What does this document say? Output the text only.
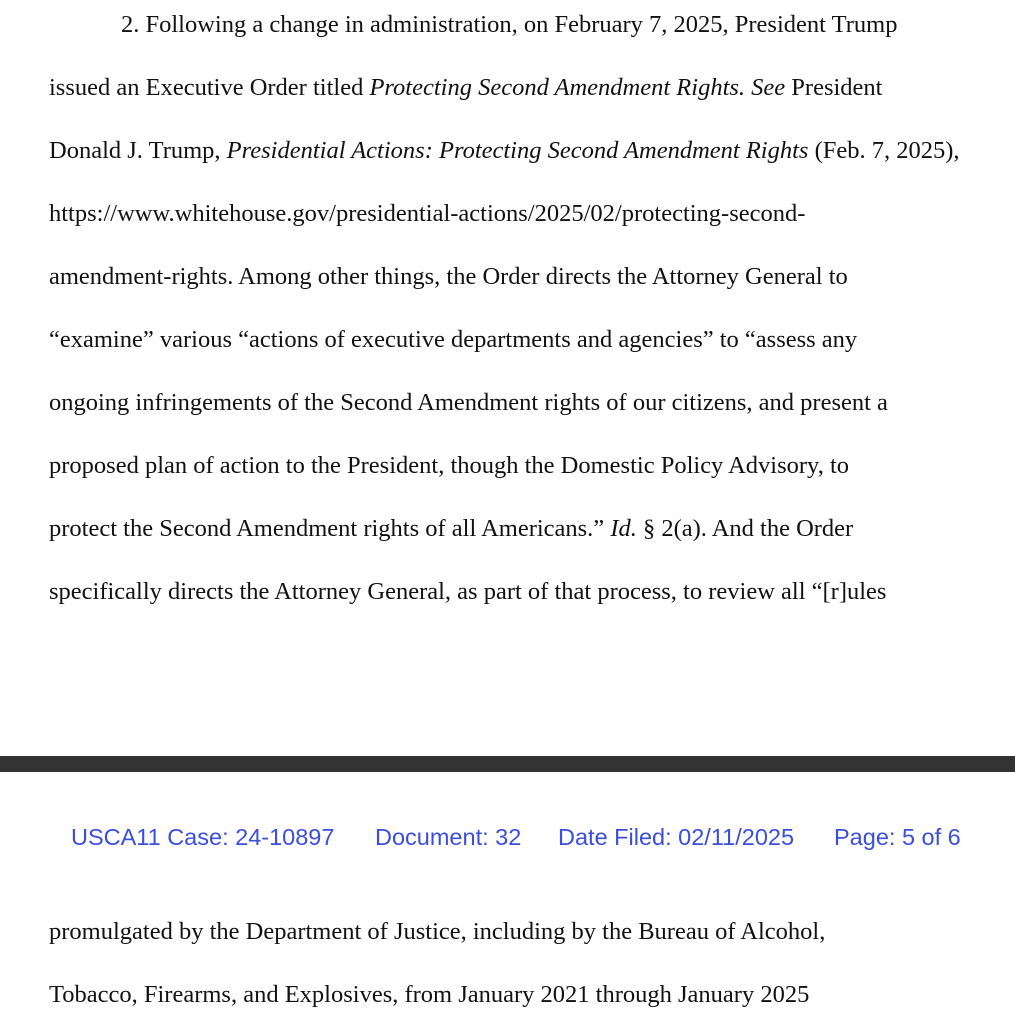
2. Following a change in administration, on February 7, 2025, President Trump
issued an Executive Order titled Protecting Second Amendment Rights. See President
Donald J. Trump, Presidential Actions: Protecting Second Amendment Rights (Feb. 7, 2025),
https://www.whitehouse.gov/presidential-actions/2025/02/protecting-second-
amendment-rights. Among other things, the Order directs the Attorney General to
“examine” various “actions of executive departments and agencies” to “assess any
ongoing infringements of the Second Amendment rights of our citizens, and present a
proposed plan of action to the President, though the Domestic Policy Advisory, to
protect the Second Amendment rights of all Americans.” Id. § 2(a). And the Order
specifically directs the Attorney General, as part of that process, to review all “[r]ules
USCA11 Case: 24-10897 Document: 32 Date Filed: 02/11/2025 Page: 5 of 6
promulgated by the Department of Justice, including by the Bureau of Alcohol,
Tobacco, Firearms, and Explosives, from January 2021 through January 2025
